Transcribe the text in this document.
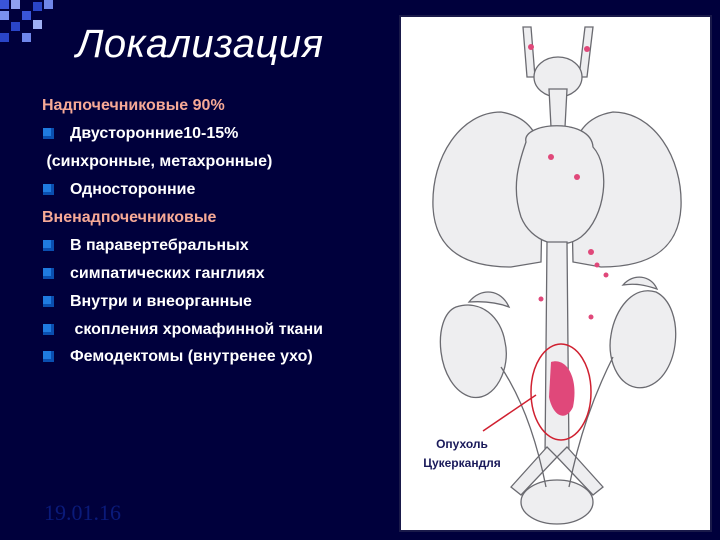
Локализация
Надпочечниковые 90%
Двусторонние10-15%
(синхронные, метахронные)
Односторонние
Вненадпочечниковые
В паравертебральных
симпатических ганглиях
Внутри и внеорганные
скопления хромафинной ткани
Фемодектомы (внутренее ухо)
19.01.16
Опухоль
Цукеркандля
